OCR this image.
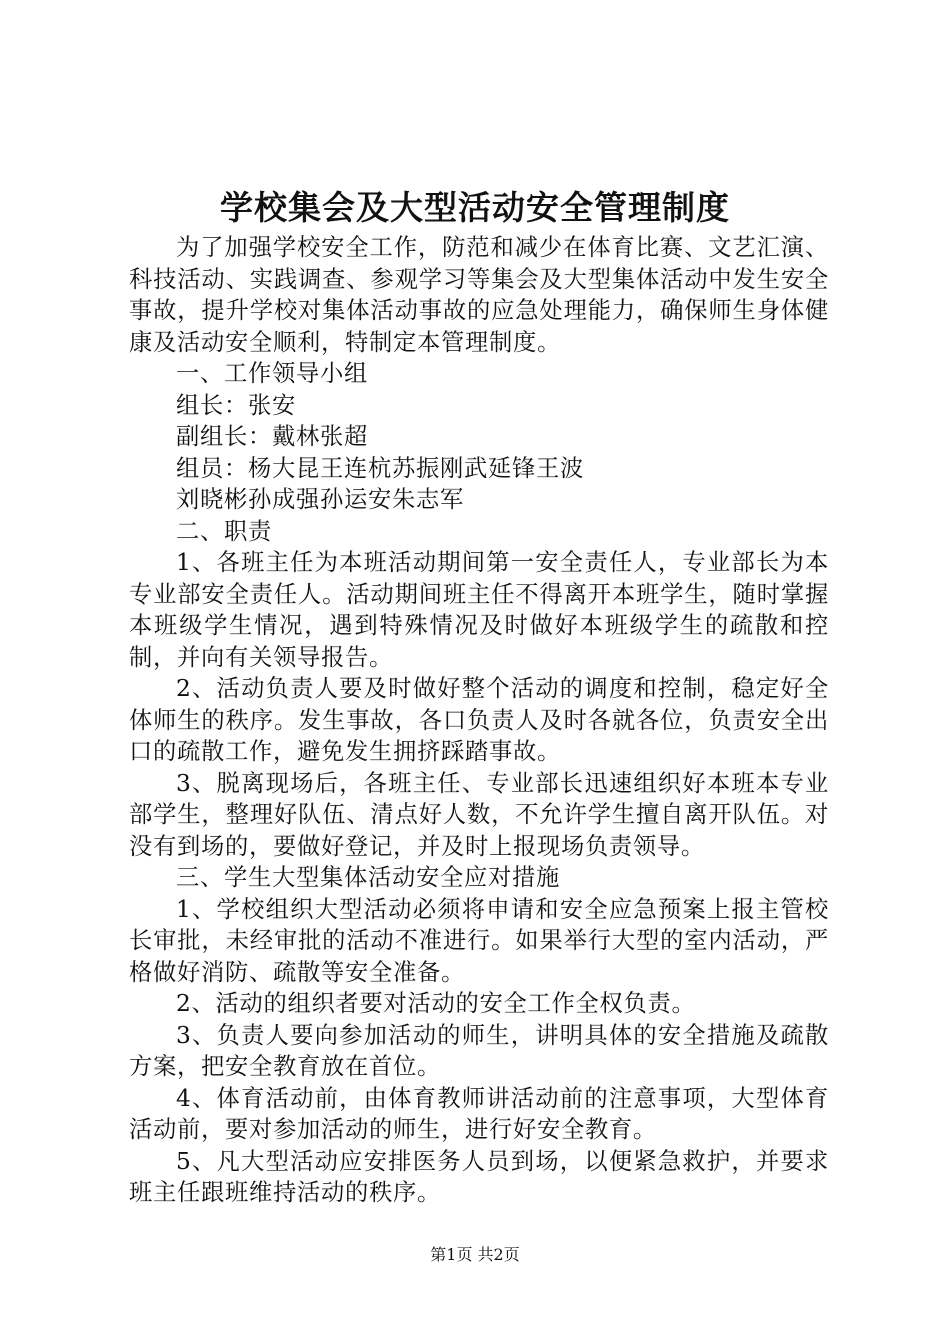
学校集会及大型活动安全管理制度

为了加强学校安全工作，防范和减少在体育比赛、文艺汇演、科技活动、实践调查、参观学习等集会及大型集体活动中发生安全事故，提升学校对集体活动事故的应急处理能力，确保师生身体健康及活动安全顺利，特制定本管理制度。

一、工作领导小组

组长：张安

副组长：戴林张超

组员：杨大昆王连杭苏振刚武延锋王波

刘晓彬孙成强孙运安朱志军

二、职责

1、各班主任为本班活动期间第一安全责任人，专业部长为本专业部安全责任人。活动期间班主任不得离开本班学生，随时掌握本班级学生情况，遇到特殊情况及时做好本班级学生的疏散和控制，并向有关领导报告。

2、活动负责人要及时做好整个活动的调度和控制，稳定好全体师生的秩序。发生事故，各口负责人及时各就各位，负责安全出口的疏散工作，避免发生拥挤踩踏事故。

3、脱离现场后，各班主任、专业部长迅速组织好本班本专业部学生，整理好队伍、清点好人数，不允许学生擅自离开队伍。对没有到场的，要做好登记，并及时上报现场负责领导。

三、学生大型集体活动安全应对措施

1、学校组织大型活动必须将申请和安全应急预案上报主管校长审批，未经审批的活动不准进行。如果举行大型的室内活动，严格做好消防、疏散等安全准备。

2、活动的组织者要对活动的安全工作全权负责。

3、负责人要向参加活动的师生，讲明具体的安全措施及疏散方案，把安全教育放在首位。

4、体育活动前，由体育教师讲活动前的注意事项，大型体育活动前，要对参加活动的师生，进行好安全教育。

5、凡大型活动应安排医务人员到场，以便紧急救护，并要求班主任跟班维持活动的秩序。

第1页 共2页
